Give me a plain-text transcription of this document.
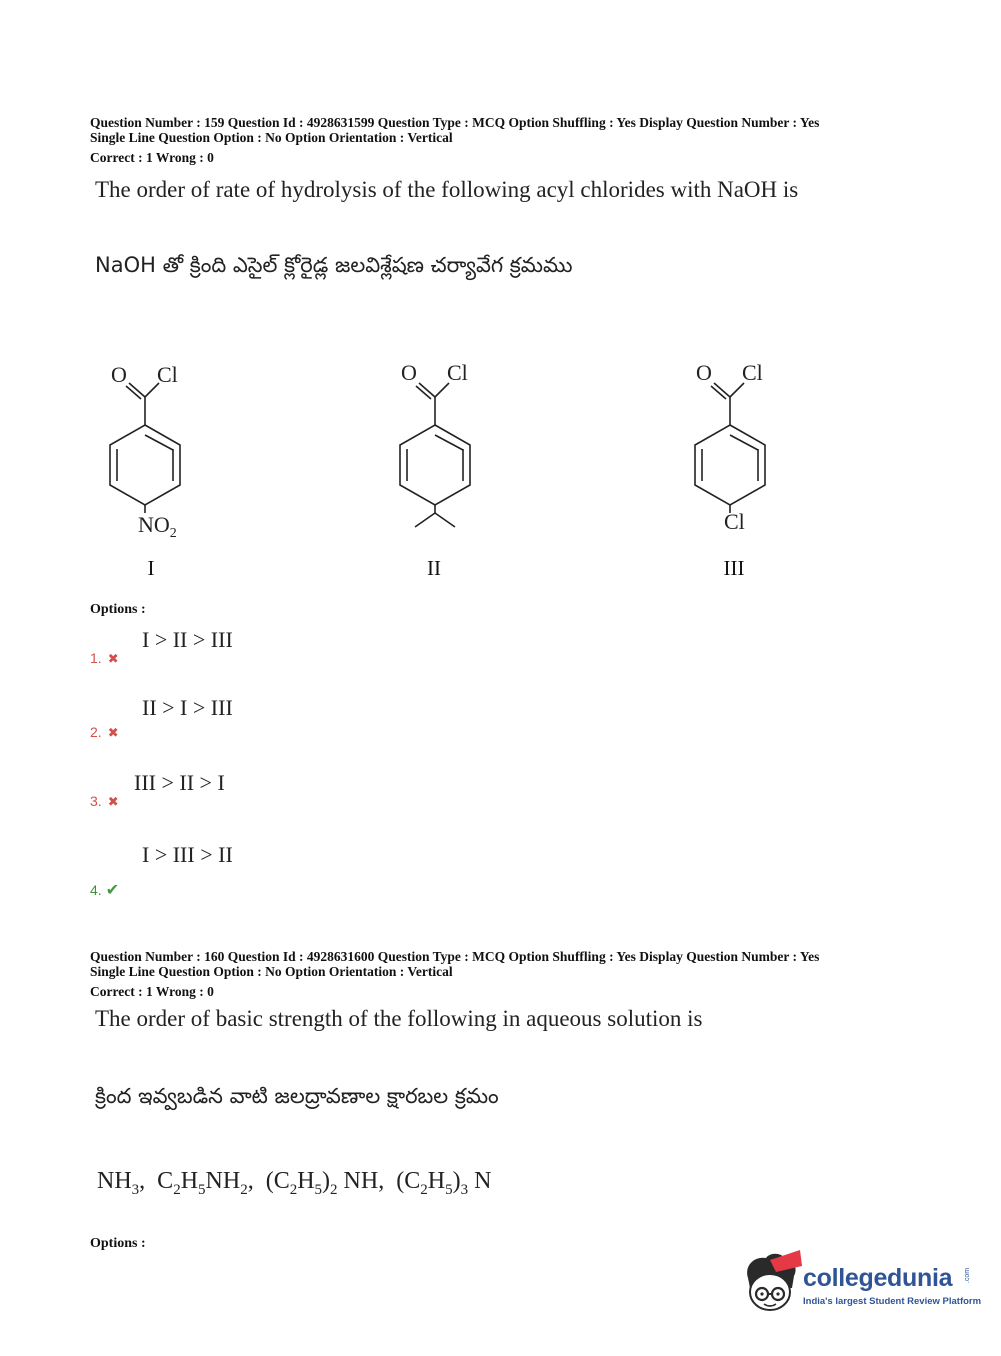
Question Number : 159 Question Id : 4928631599 Question Type : MCQ Option Shuffling : Yes Display Question Number : Yes
Single Line Question Option : No Option Orientation : Vertical
Correct : 1 Wrong : 0
The order of rate of hydrolysis of the following acyl chlorides with NaOH is
NaOH తో క్రింది ఎసైల్ క్లోరైడ్ల జలవిశ్లేషణ చర్యావేగ క్రమము
O Cl
$NO_2$
I
O Cl
II
O Cl
Cl
III
Options :
I > II > III
1. ✖
II > I > III
2. ✖
III > II > I
3. ✖
I > III > II
4. ✔
Question Number : 160 Question Id : 4928631600 Question Type : MCQ Option Shuffling : Yes Display Question Number : Yes
Single Line Question Option : No Option Orientation : Vertical
Correct : 1 Wrong : 0
The order of basic strength of the following in aqueous solution is
క్రింద ఇవ్వబడిన వాటి జలద్రావణాల క్షారబల క్రమం
$NH_3$,  $C_2H_5NH_2$,  $(C_2H_5)_2$ NH,  $(C_2H_5)_3$ N
Options :
collegedunia .com
India's largest Student Review Platform
